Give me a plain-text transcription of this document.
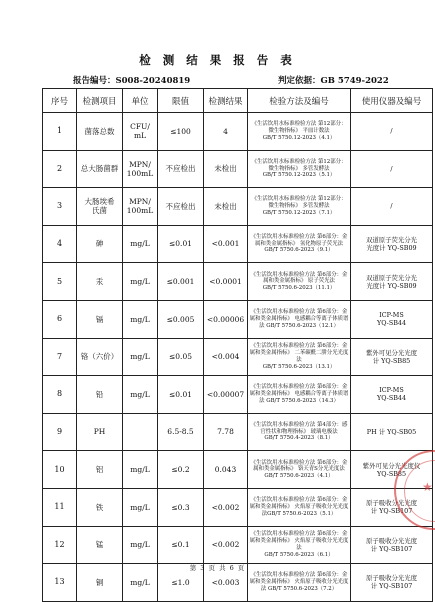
检 测 结 果 报 告 表
报告编号：S008-20240819	判定依据：GB 5749-2022
序号	检测项目	单位	限值	检测结果	检验方法及编号	使用仪器及编号
1	菌落总数	CFU/
mL	≤100	4	《生活饮用水标准检验方法 第12部分：微生物指标》 平皿计数法
GB/T 5750.12-2023（4.1）	/
2	总大肠菌群	MPN/
100mL	不应检出	未检出	《生活饮用水标准检验方法 第12部分：微生物指标》 多管发酵法
GB/T 5750.12-2023（5.1）	/
3	大肠埃希
氏菌	MPN/
100mL	不应检出	未检出	《生活饮用水标准检验方法 第12部分：微生物指标》 多管发酵法
GB/T 5750.12-2023（7.1）	/
4	砷	mg/L	≤0.01	<0.001	《生活饮用水标准检验方法 第6部分：金属和类金属指标》 氢化物原子荧光法
GB/T 5750.6-2023（9.1）	双道原子荧光分光
光度计 YQ-SB09
5	汞	mg/L	≤0.001	<0.0001	《生活饮用水标准检验方法 第6部分：金属和类金属指标》 原子荧光法
GB/T 5750.6-2023（11.1）	双道原子荧光分光
光度计 YQ-SB09
6	镉	mg/L	≤0.005	<0.00006	《生活饮用水标准检验方法 第6部分：金属和类金属指标》 电感耦合等离子体质谱法 GB/T 5750.6-2023（12.1）	ICP-MS
YQ-SB44
7	铬（六价）	mg/L	≤0.05	<0.004	《生活饮用水标准检验方法 第6部分：金属和类金属指标》 二苯碳酰二肼分光光度法
GB/T 5750.6-2023（13.1）	紫外可见分光光度
计 YQ-SB85
8	铅	mg/L	≤0.01	<0.00007	《生活饮用水标准检验方法 第6部分：金属和类金属指标》 电感耦合等离子体质谱法 GB/T 5750.6-2023（14.3）	ICP-MS
YQ-SB44
9	PH		6.5-8.5	7.78	《生活饮用水标准检验方法 第4部分：感官性状和物理指标》 玻璃电极法
GB/T 5750.4-2023（8.1）	PH 计 YQ-SB05
10	铝	mg/L	≤0.2	0.043	《生活饮用水标准检验方法 第6部分：金属和类金属指标》 铬天青S分光光度法
GB/T 5750.6-2023（4.1）	紫外可见分光光度仪
YQ-SB85
11	铁	mg/L	≤0.3	<0.002	《生活饮用水标准检验方法 第6部分：金属和类金属指标》 火焰原子吸收分光光度法GB/T 5750.6-2023（5.1）	原子吸收分光光度
计 YQ-SB107
12	锰	mg/L	≤0.1	<0.002	《生活饮用水标准检验方法 第6部分：金属和类金属指标》 火焰原子吸收分光光度法
GB/T 5750.6-2023（6.1）	原子吸收分光光度
计 YQ-SB107
13	铜	mg/L	≤1.0	<0.003	《生活饮用水标准检验方法 第6部分：金属和类金属指标》 火焰原子吸收分光光度法 GB/T 5750.6-2023（7.2）	原子吸收分光光度
计 YQ-SB107
第 3 页 共 6 页
★
